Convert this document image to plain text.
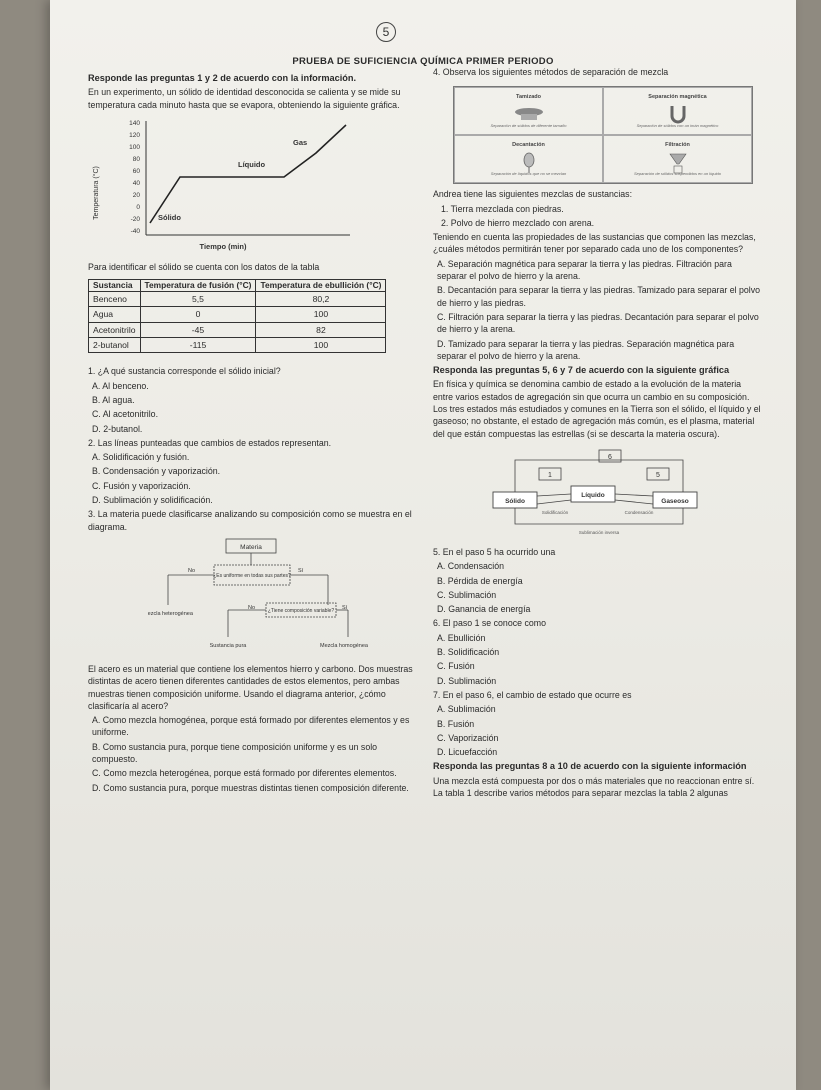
5
PRUEBA DE SUFICIENCIA QUÍMICA PRIMER PERIODO

Responde las preguntas 1 y 2 de acuerdo con la información.

En un experimento, un sólido de identidad desconocida se calienta y se mide su temperatura cada minuto hasta que se evapora, obteniendo la siguiente gráfica.

Temperatura (°C)
140
120
100
80
60
40
20
0
-20
-40
Gas
Líquido
Sólido
Tiempo (min)

Para identificar el sólido se cuenta con los datos de la tabla

Sustancia	Temperatura de fusión (°C)	Temperatura de ebullición (°C)
Benceno	5,5	80,2
Agua	0	100
Acetonitrilo	-45	82
2-butanol	-115	100

1. ¿A qué sustancia corresponde el sólido inicial?

A. Al benceno.

B. Al agua.

C. Al acetonitrilo.

D. 2-butanol.

2. Las líneas punteadas que cambios de estados representan.

A. Solidificación y fusión.

B. Condensación y vaporización.

C. Fusión y vaporización.

D. Sublimación y solidificación.

3. La materia puede clasificarse analizando su composición como se muestra en el diagrama.

Materia
¿Es uniforme en todas sus partes?
No	Sí
Mezcla heterogénea	¿Tiene composición variable?
No	Sí
Sustancia pura	Mezcla homogénea

El acero es un material que contiene los elementos hierro y carbono. Dos muestras distintas de acero tienen diferentes cantidades de estos elementos, pero ambas muestras tienen composición uniforme. Usando el diagrama anterior, ¿cómo clasificaría al acero?

A. Como mezcla homogénea, porque está formado por diferentes elementos y es uniforme.

B. Como sustancia pura, porque tiene composición uniforme y es un solo compuesto.

C. Como mezcla heterogénea, porque está formado por diferentes elementos.

D. Como sustancia pura, porque muestras distintas tienen composición diferente.

4. Observa los siguientes métodos de separación de mezcla

Tamizado
Separación de sólidos de diferente tamaño
Separación magnética
Separación de sólidos con un imán magnético
Decantación
Separación de líquidos que no se mezclan
Filtración
Separación de sólidos suspendidos en un líquido

Andrea tiene las siguientes mezclas de sustancias:

1. Tierra mezclada con piedras.

2. Polvo de hierro mezclado con arena.

Teniendo en cuenta las propiedades de las sustancias que componen las mezclas, ¿cuáles métodos permitirán tener por separado cada uno de los componentes?

A. Separación magnética para separar la tierra y las piedras. Filtración para separar el polvo de hierro y la arena.

B. Decantación para separar la tierra y las piedras. Tamizado para separar el polvo de hierro y las piedras.

C. Filtración para separar la tierra y las piedras. Decantación para separar el polvo de hierro y la arena.

D. Tamizado para separar la tierra y las piedras. Separación magnética para separar el polvo de hierro y la arena.

Responda las preguntas 5, 6 y 7 de acuerdo con la siguiente gráfica

En física y química se denomina cambio de estado a la evolución de la materia entre varios estados de agregación sin que ocurra un cambio en su composición. Los tres estados más estudiados y comunes en la Tierra son el sólido, el líquido y el gaseoso; no obstante, el estado de agregación más común, es el plasma, material del que están compuestas las estrellas (si se descarta la materia oscura).

6
1	5
Sólido
Líquido
Gaseoso
Solidificación	Condensación
Sublimación inversa

5. En el paso 5 ha ocurrido una

A. Condensación

B. Pérdida de energía

C. Sublimación

D. Ganancia de energía

6. El paso 1 se conoce como

A. Ebullición

B. Solidificación

C. Fusión

D. Sublimación

7. En el paso 6, el cambio de estado que ocurre es

A. Sublimación

B. Fusión

C. Vaporización

D. Licuefacción

Responda las preguntas 8 a 10 de acuerdo con la siguiente información

Una mezcla está compuesta por dos o más materiales que no reaccionan entre sí. La tabla 1 describe varios métodos para separar mezclas la tabla 2 algunas
